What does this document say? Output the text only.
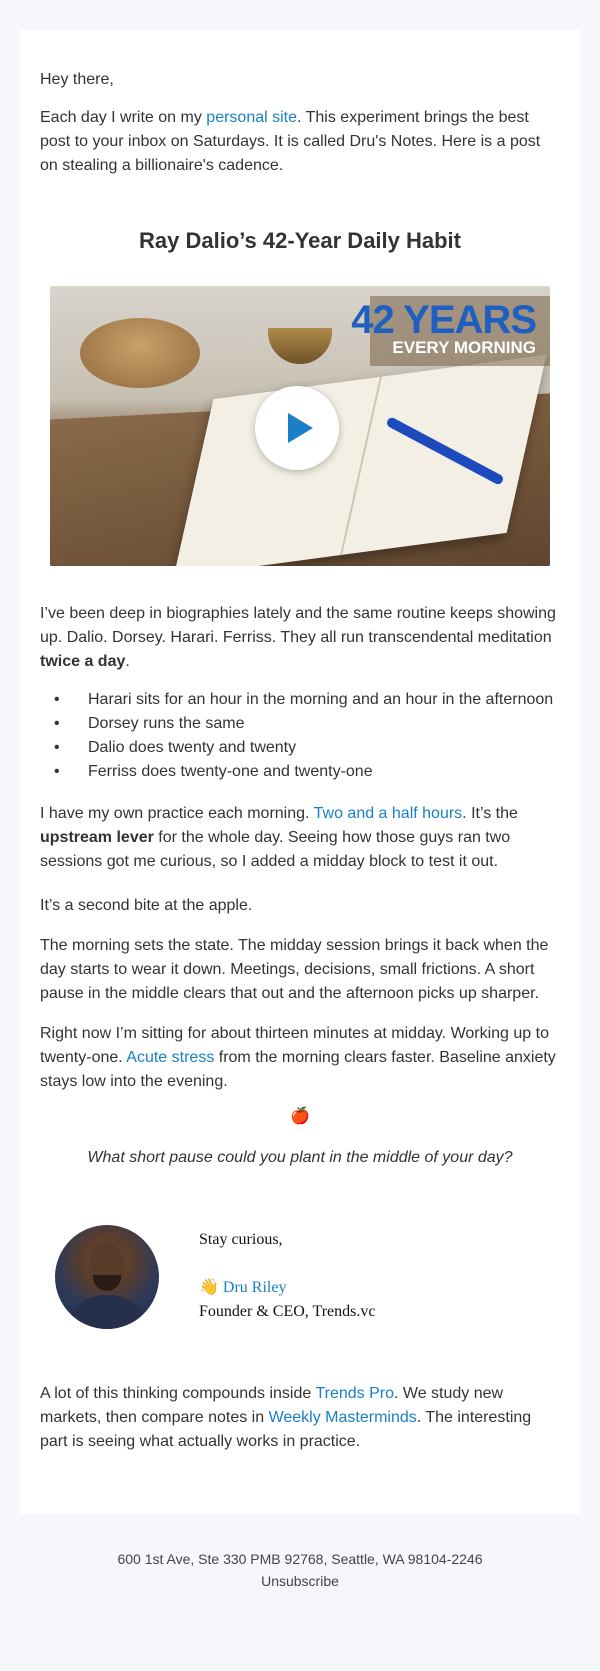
Hey there,

Each day I write on my personal site. This experiment brings the best post to your inbox on Saturdays. It is called Dru's Notes. Here is a post on stealing a billionaire's cadence.

Ray Dalio’s 42-Year Daily Habit
42 YEARS
EVERY MORNING

I’ve been deep in biographies lately and the same routine keeps showing up. Dalio. Dorsey. Harari. Ferriss. They all run transcendental meditation twice a day.

• Harari sits for an hour in the morning and an hour in the afternoon
• Dorsey runs the same
• Dalio does twenty and twenty
• Ferriss does twenty-one and twenty-one

I have my own practice each morning. Two and a half hours. It’s the upstream lever for the whole day. Seeing how those guys ran two sessions got me curious, so I added a midday block to test it out.

It’s a second bite at the apple.

The morning sets the state. The midday session brings it back when the day starts to wear it down. Meetings, decisions, small frictions. A short pause in the middle clears that out and the afternoon picks up sharper.

Right now I’m sitting for about thirteen minutes at midday. Working up to twenty-one. Acute stress from the morning clears faster. Baseline anxiety stays low into the evening.

🍎
What short pause could you plant in the middle of your day?
Stay curious,
👋 Dru Riley
Founder & CEO, Trends.vc

A lot of this thinking compounds inside Trends Pro. We study new markets, then compare notes in Weekly Masterminds. The interesting part is seeing what actually works in practice.

600 1st Ave, Ste 330 PMB 92768, Seattle, WA 98104-2246
Unsubscribe
